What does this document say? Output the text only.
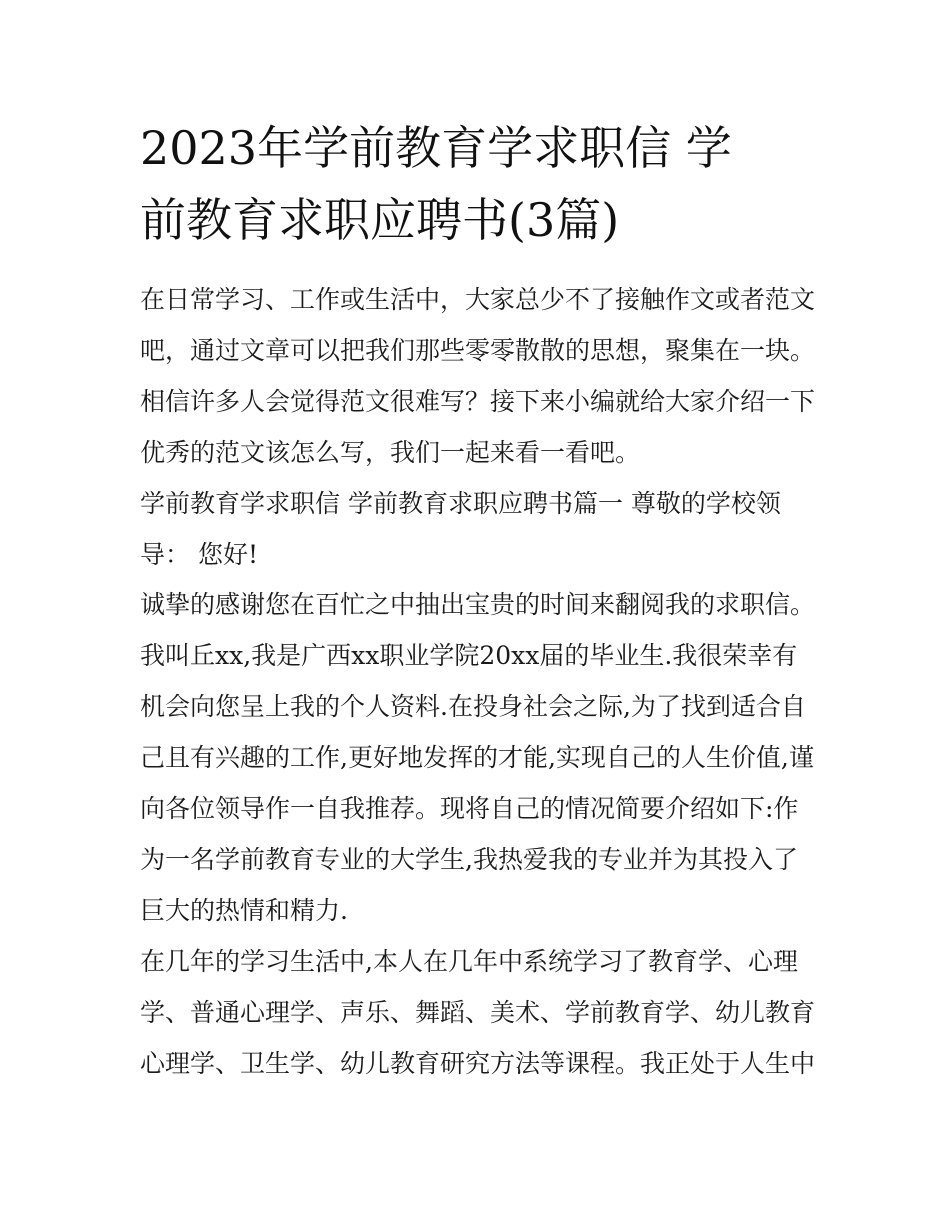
2023年学前教育学求职信 学
前教育求职应聘书(3篇)
在日常学习、工作或生活中，大家总少不了接触作文或者范文
吧，通过文章可以把我们那些零零散散的思想，聚集在一块。
相信许多人会觉得范文很难写？接下来小编就给大家介绍一下
优秀的范文该怎么写，我们一起来看一看吧。
学前教育学求职信 学前教育求职应聘书篇一 尊敬的学校领
导： 您好!
诚挚的感谢您在百忙之中抽出宝贵的时间来翻阅我的求职信。
我叫丘xx,我是广西xx职业学院20xx届的毕业生.我很荣幸有
机会向您呈上我的个人资料.在投身社会之际,为了找到适合自
己且有兴趣的工作,更好地发挥的才能,实现自己的人生价值,谨
向各位领导作一自我推荐。现将自己的情况简要介绍如下:作
为一名学前教育专业的大学生,我热爱我的专业并为其投入了
巨大的热情和精力.
在几年的学习生活中,本人在几年中系统学习了教育学、心理
学、普通心理学、声乐、舞蹈、美术、学前教育学、幼儿教育
心理学、卫生学、幼儿教育研究方法等课程。我正处于人生中
